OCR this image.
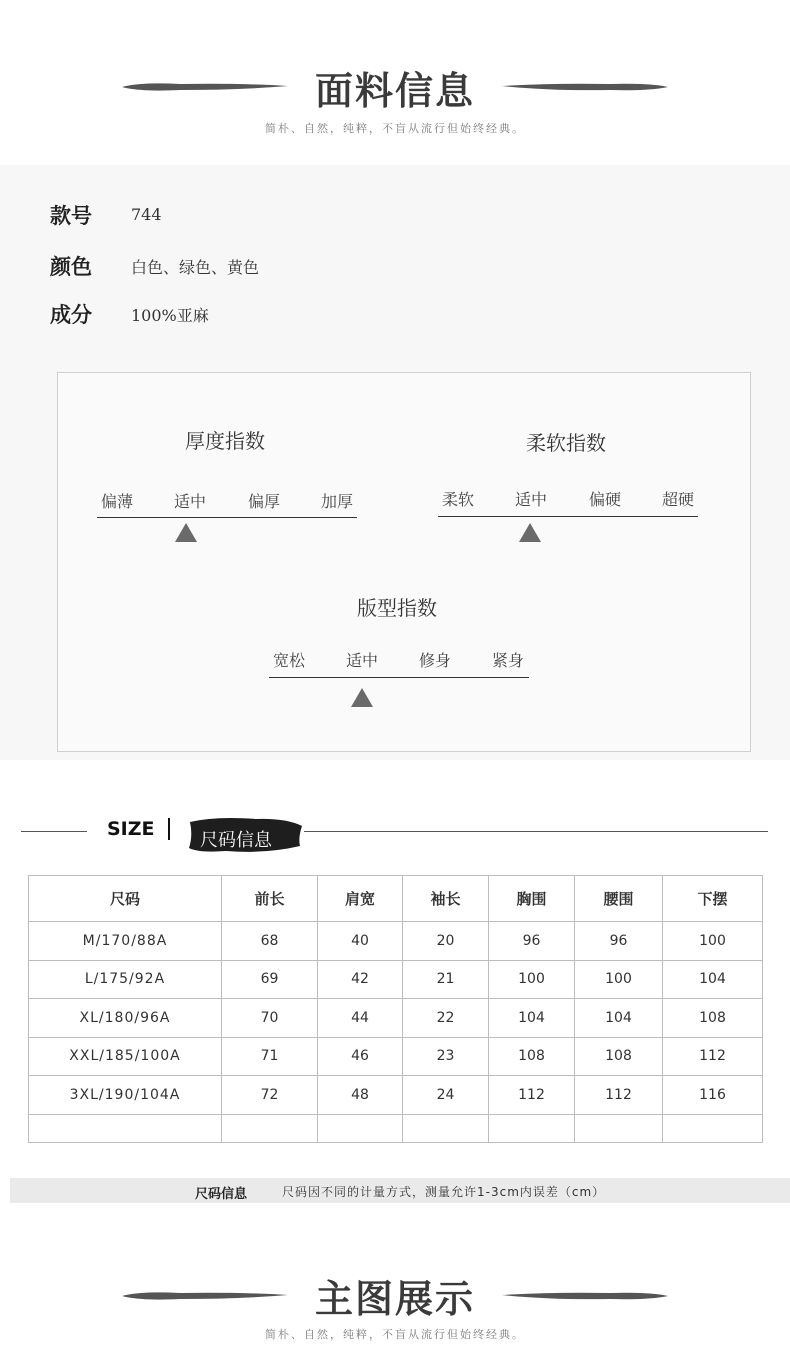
面料信息
简朴、自然，纯粹，不盲从流行但始终经典。
款号 744
颜色 白色、绿色、黄色
成分 100%亚麻
厚度指数
偏薄	适中	偏厚	加厚
柔软指数
柔软	适中	偏硬	超硬
版型指数
宽松	适中	修身	紧身
SIZE
尺码信息
尺码	前长	肩宽	袖长	胸围	腰围	下摆
M/170/88A	68	40	20	96	96	100
L/175/92A	69	42	21	100	100	104
XL/180/96A	70	44	22	104	104	108
XXL/185/100A	71	46	23	108	108	112
3XL/190/104A	72	48	24	112	112	116

尺码信息	尺码因不同的计量方式，测量允许1-3cm内误差（cm）
主图展示
简朴、自然，纯粹，不盲从流行但始终经典。
